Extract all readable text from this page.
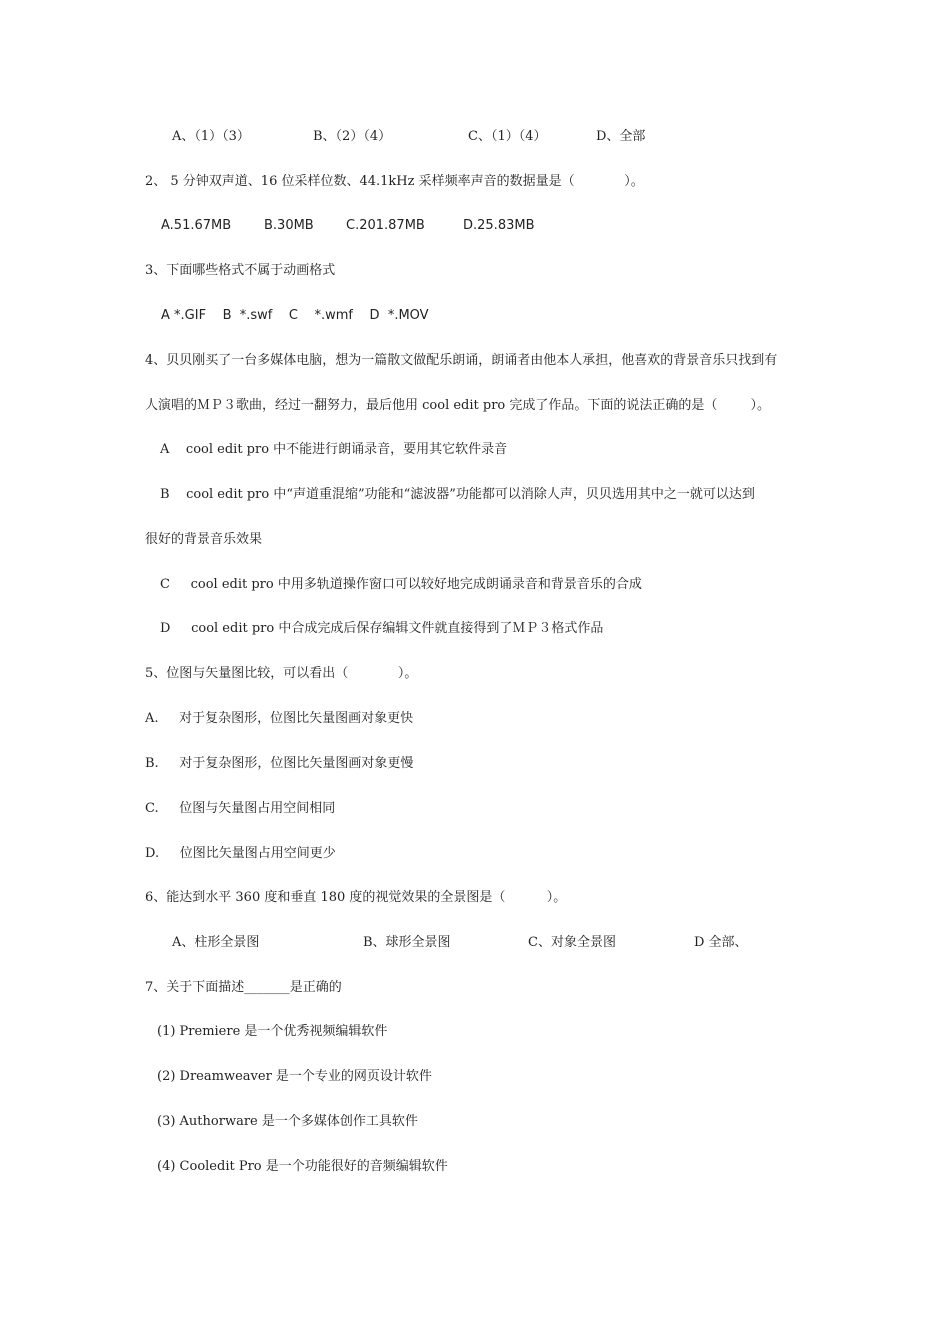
A、（1）（3）	B、（2）（4）	C、（1）（4）	D、全部
2、 5 分钟双声道、16 位采样位数、44.1kHz 采样频率声音的数据量是（            ）。
A.51.67MB	B.30MB C.201.87MB	D.25.83MB
3、下面哪些格式不属于动画格式
A *.GIF    B  *.swf    C    *.wmf    D  *.MOV
4、贝贝刚买了一台多媒体电脑，想为一篇散文做配乐朗诵，朗诵者由他本人承担，他喜欢的背景音乐只找到有
人演唱的ＭＰ３歌曲，经过一翻努力，最后他用 cool edit pro 完成了作品。下面的说法正确的是（        ）。
A    cool edit pro 中不能进行朗诵录音，要用其它软件录音
B    cool edit pro 中“声道重混缩”功能和“滤波器”功能都可以消除人声，贝贝选用其中之一就可以达到
很好的背景音乐效果
C     cool edit pro 中用多轨道操作窗口可以较好地完成朗诵录音和背景音乐的合成
D     cool edit pro 中合成完成后保存编辑文件就直接得到了ＭＰ３格式作品
5、位图与矢量图比较，可以看出（            ）。
A.     对于复杂图形，位图比矢量图画对象更快
B.     对于复杂图形，位图比矢量图画对象更慢
C.     位图与矢量图占用空间相同
D.     位图比矢量图占用空间更少
6、能达到水平 360 度和垂直 180 度的视觉效果的全景图是（          ）。
A、柱形全景图	B、球形全景图	C、对象全景图	D 全部、
7、关于下面描述_______是正确的
(1) Premiere 是一个优秀视频编辑软件
(2) Dreamweaver 是一个专业的网页设计软件
(3) Authorware 是一个多媒体创作工具软件
(4) Cooledit Pro 是一个功能很好的音频编辑软件
